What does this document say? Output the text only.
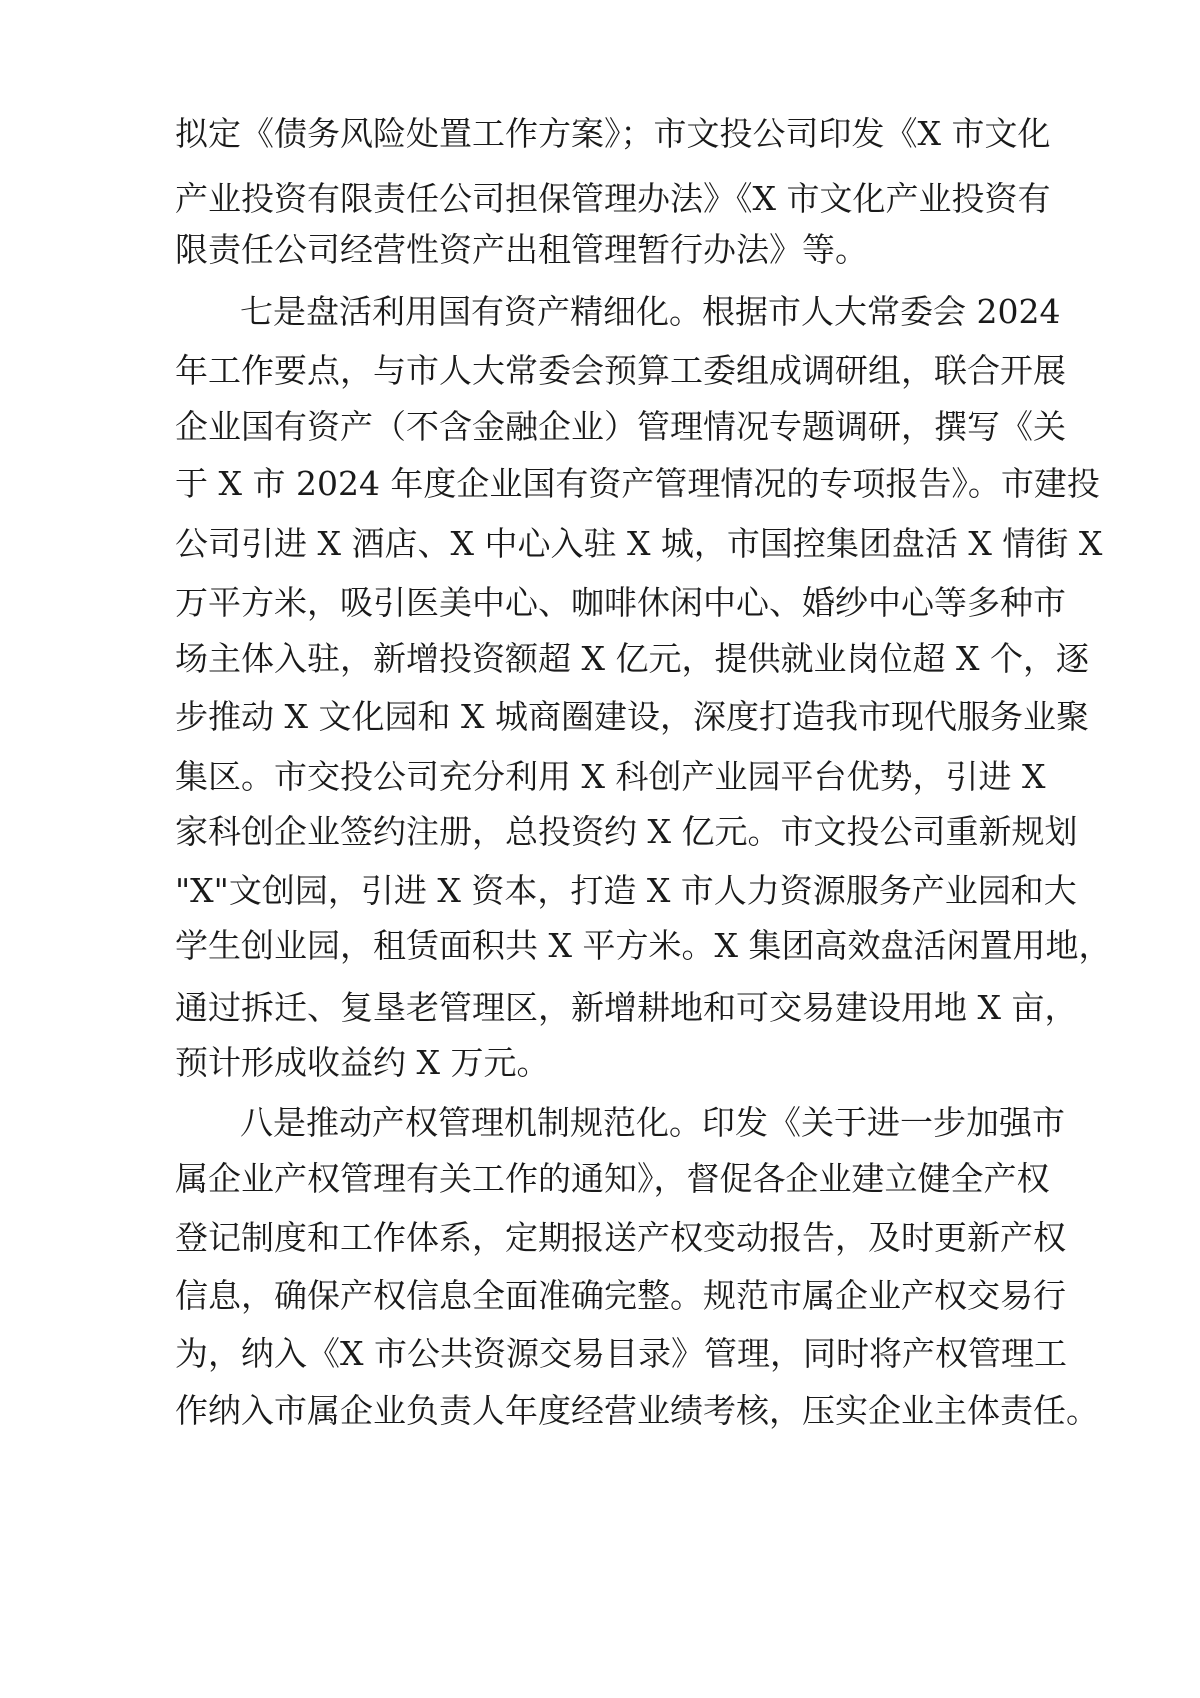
拟定《债务风险处置工作方案》；市文投公司印发《X 市文化

产业投资有限责任公司担保管理办法》《X 市文化产业投资有

限责任公司经营性资产出租管理暂行办法》等。

七是盘活利用国有资产精细化。根据市人大常委会 2024

年工作要点，与市人大常委会预算工委组成调研组，联合开展

企业国有资产（不含金融企业）管理情况专题调研，撰写《关

于 X 市 2024 年度企业国有资产管理情况的专项报告》。市建投

公司引进 X 酒店、X 中心入驻 X 城，市国控集团盘活 X 情街 X

万平方米，吸引医美中心、咖啡休闲中心、婚纱中心等多种市

场主体入驻，新增投资额超 X 亿元，提供就业岗位超 X 个，逐

步推动 X 文化园和 X 城商圈建设，深度打造我市现代服务业聚

集区。市交投公司充分利用 X 科创产业园平台优势，引进 X

家科创企业签约注册，总投资约 X 亿元。市文投公司重新规划

"X"文创园，引进 X 资本，打造 X 市人力资源服务产业园和大

学生创业园，租赁面积共 X 平方米。X 集团高效盘活闲置用地，

通过拆迁、复垦老管理区，新增耕地和可交易建设用地 X 亩，

预计形成收益约 X 万元。

八是推动产权管理机制规范化。印发《关于进一步加强市

属企业产权管理有关工作的通知》，督促各企业建立健全产权

登记制度和工作体系，定期报送产权变动报告，及时更新产权

信息，确保产权信息全面准确完整。规范市属企业产权交易行

为，纳入《X 市公共资源交易目录》管理，同时将产权管理工

作纳入市属企业负责人年度经营业绩考核，压实企业主体责任。
